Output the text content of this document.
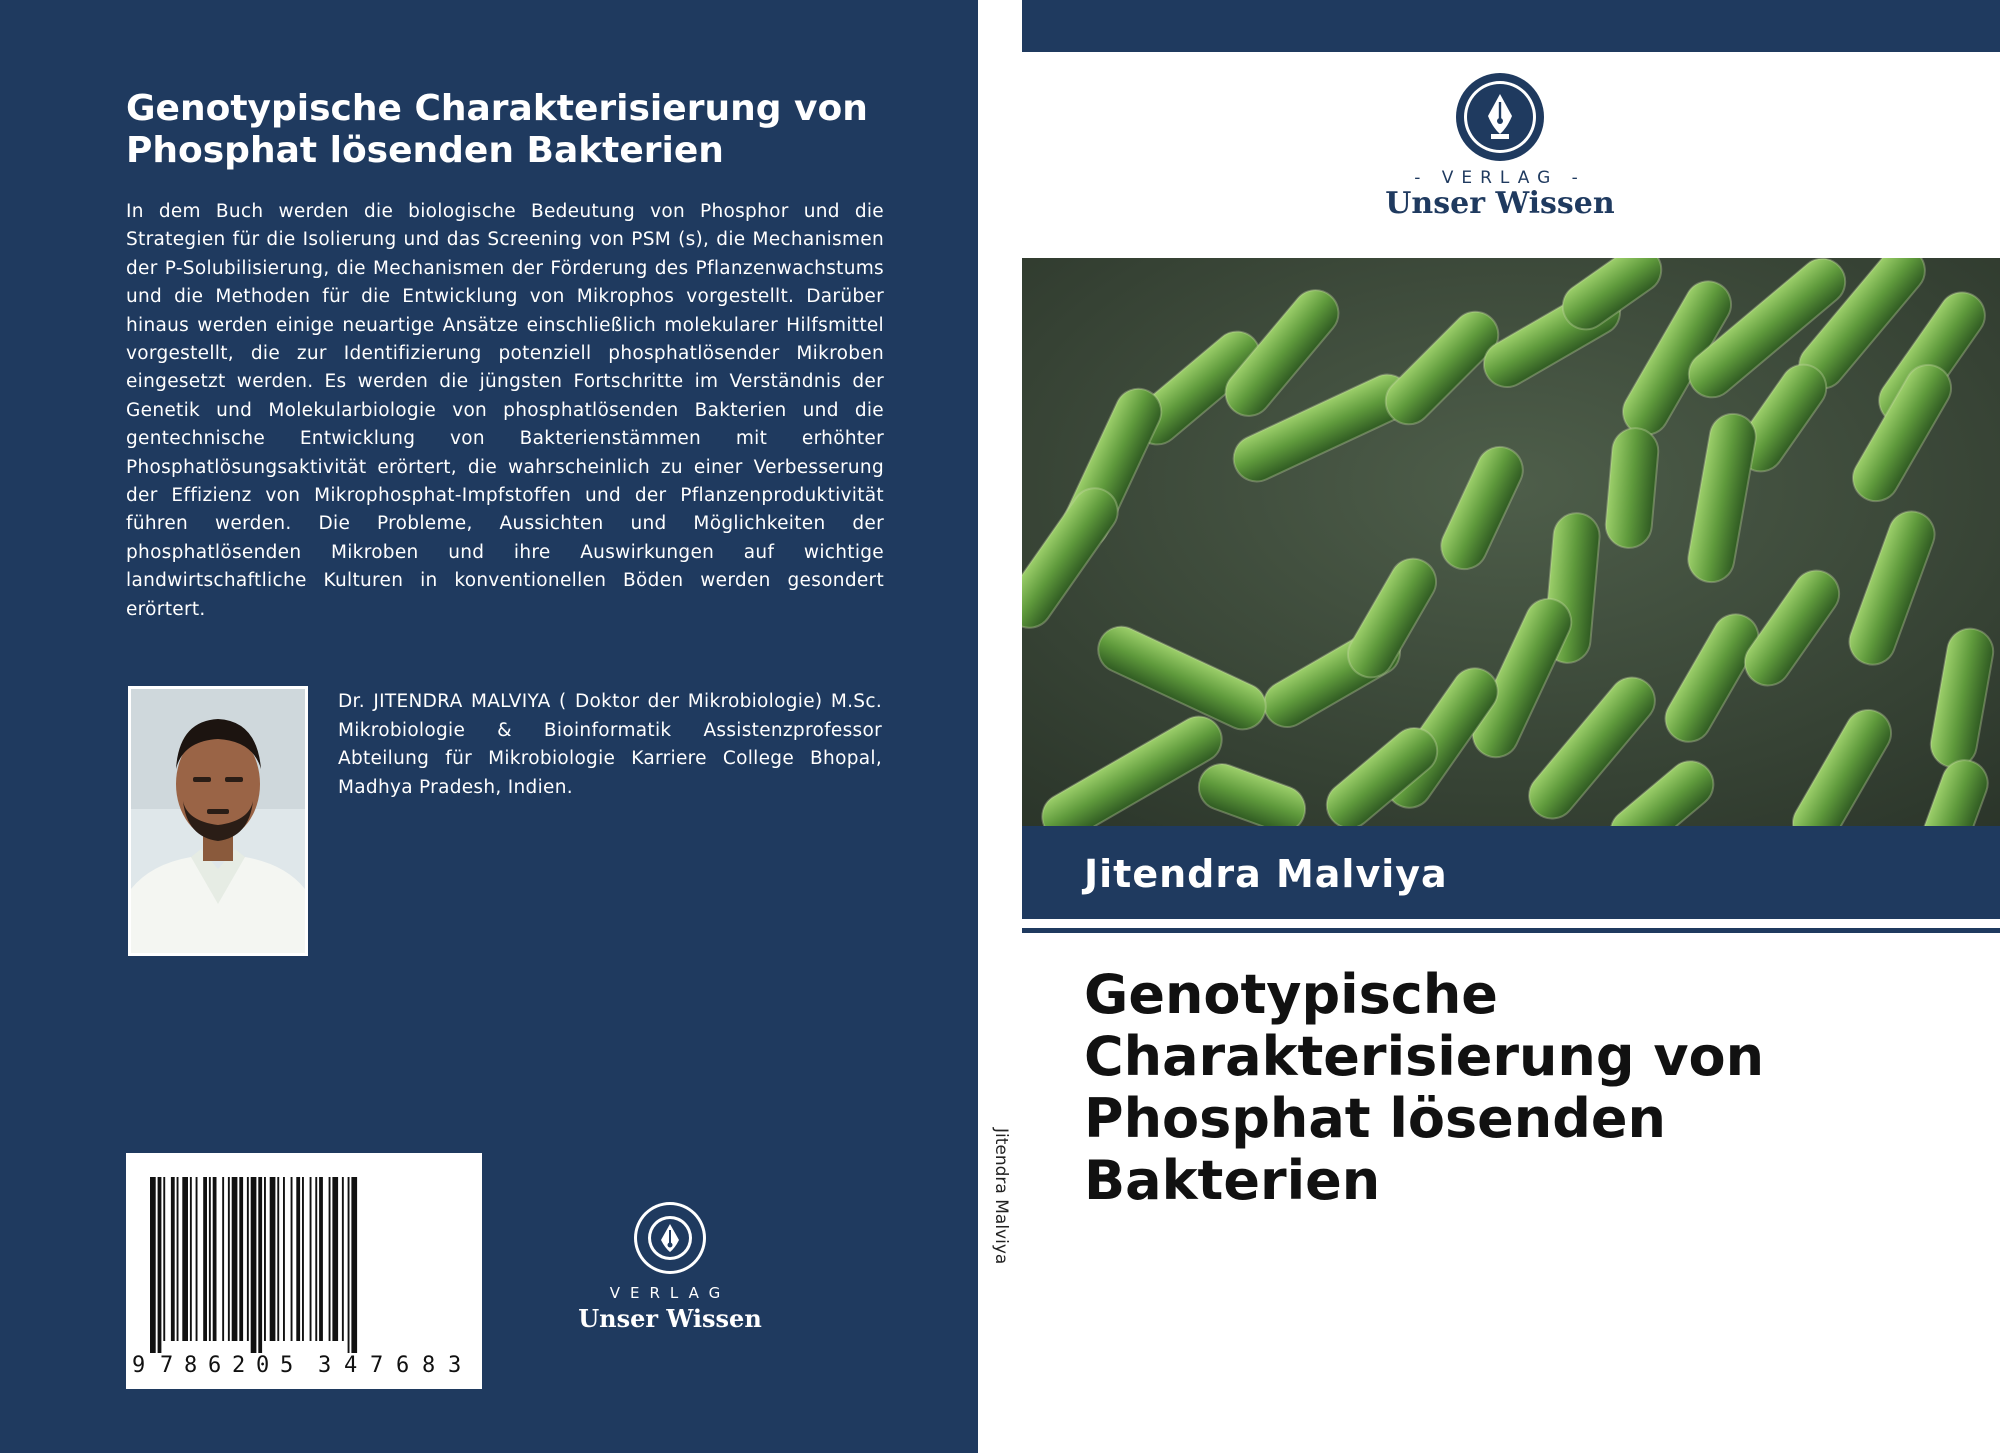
Genotypische Charakterisierung von Phosphat lösenden Bakterien

In dem Buch werden die biologische Bedeutung von Phosphor und die Strategien für die Isolierung und das Screening von PSM (s), die Mechanismen der P-Solubilisierung, die Mechanismen der Förderung des Pflanzenwachstums und die Methoden für die Entwicklung von Mikrophos vorgestellt. Darüber hinaus werden einige neuartige Ansätze einschließlich molekularer Hilfsmittel vorgestellt, die zur Identifizierung potenziell phosphatlösender Mikroben eingesetzt werden. Es werden die jüngsten Fortschritte im Verständnis der Genetik und Molekularbiologie von phosphatlösenden Bakterien und die gentechnische Entwicklung von Bakterienstämmen mit erhöhter Phosphatlösungsaktivität erörtert, die wahrscheinlich zu einer Verbesserung der Effizienz von Mikrophosphat-Impfstoffen und der Pflanzenproduktivität führen werden. Die Probleme, Aussichten und Möglichkeiten der phosphatlösenden Mikroben und ihre Auswirkungen auf wichtige landwirtschaftliche Kulturen in konventionellen Böden werden gesondert erörtert.

Dr. JITENDRA MALVIYA ( Doktor der Mikrobiologie) M.Sc. Mikrobiologie & Bioinformatik Assistenzprofessor Abteilung für Mikrobiologie Karriere College Bhopal, Madhya Pradesh, Indien.

9 7 8 6 2 0 5 3 4 7 6 8 3
VERLAG
Unser Wissen
Jitendra Malviya
- VERLAG -
Unser Wissen
Jitendra Malviya
Genotypische Charakterisierung von Phosphat lösenden Bakterien
